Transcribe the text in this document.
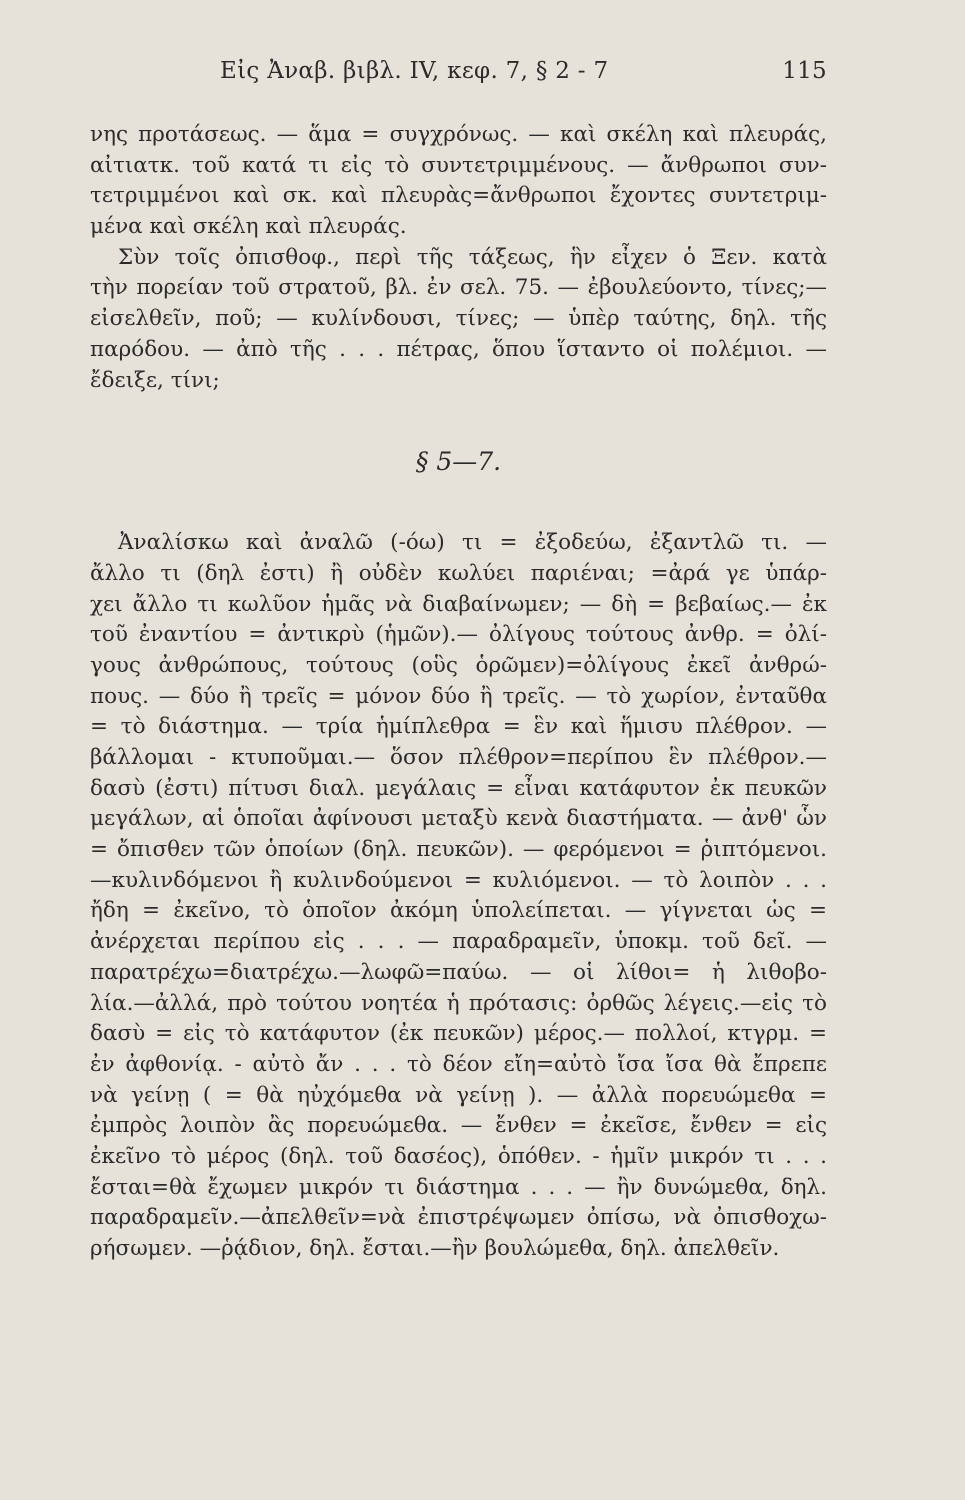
Εἰς Ἀναβ. βιβλ. IV, κεφ. 7, § 2 - 7	115
νης προτάσεως. — ἅμα = συγχρόνως. — καὶ σκέλη καὶ πλευράς,
αἰτιατκ. τοῦ κατά τι εἰς τὸ συντετριμμένους. — ἄνθρωποι συν-
τετριμμένοι καὶ σκ. καὶ πλευρὰς=ἄνθρωποι ἔχοντες συντετριμ-
μένα καὶ σκέλη καὶ πλευράς.
Σὺν τοῖς ὀπισθοφ., περὶ τῆς τάξεως, ἣν εἶχεν ὁ Ξεν. κατὰ
τὴν πορείαν τοῦ στρατοῦ, βλ. ἐν σελ. 75. — ἐβουλεύοντο, τίνες;—
εἰσελθεῖν, ποῦ; — κυλίνδουσι, τίνες; — ὑπὲρ ταύτης, δηλ. τῆς
παρόδου. — ἀπὸ τῆς . . . πέτρας, ὅπου ἵσταντο οἱ πολέμιοι. —
ἔδειξε, τίνι;
§ 5—7.
Ἀναλίσκω καὶ ἀναλῶ (-όω) τι = ἐξοδεύω, ἐξαντλῶ τι. —
ἄλλο τι (δηλ ἐστι) ἢ οὐδὲν κωλύει παριέναι; =ἀρά γε ὑπάρ-
χει ἄλλο τι κωλῦον ἡμᾶς νὰ διαβαίνωμεν; — δὴ = βεβαίως.— ἐκ
τοῦ ἐναντίου = ἀντικρὺ (ἡμῶν).— ὀλίγους τούτους ἀνθρ. = ὀλί-
γους ἀνθρώπους, τούτους (οὓς ὁρῶμεν)=ὀλίγους ἐκεῖ ἀνθρώ-
πους. — δύο ἢ τρεῖς = μόνον δύο ἢ τρεῖς. — τὸ χωρίον, ἐνταῦθα
= τὸ διάστημα. — τρία ἡμίπλεθρα = ἓν καὶ ἥμισυ πλέθρον. —
βάλλομαι - κτυποῦμαι.— ὅσον πλέθρον=περίπου ἓν πλέθρον.—
δασὺ (ἐστι) πίτυσι διαλ. μεγάλαις = εἶναι κατάφυτον ἐκ πευκῶν
μεγάλων, αἱ ὁποῖαι ἀφίνουσι μεταξὺ κενὰ διαστήματα. — ἀνθ' ὧν
= ὄπισθεν τῶν ὁποίων (δηλ. πευκῶν). — φερόμενοι = ῥιπτόμενοι.
—κυλινδόμενοι ἢ κυλινδούμενοι = κυλιόμενοι. — τὸ λοιπὸν . . .
ἤδη = ἐκεῖνο, τὸ ὁποῖον ἀκόμη ὑπολείπεται. — γίγνεται ὡς =
ἀνέρχεται περίπου εἰς . . . — παραδραμεῖν, ὑποκμ. τοῦ δεῖ. —
παρατρέχω=διατρέχω.—λωφῶ=παύω. — οἱ λίθοι= ἡ λιθοβο-
λία.—ἀλλά, πρὸ τούτου νοητέα ἡ πρότασις: ὀρθῶς λέγεις.—εἰς τὸ
δασὺ = εἰς τὸ κατάφυτον (ἐκ πευκῶν) μέρος.— πολλοί, κτγρμ. =
ἐν ἀφθονίᾳ. - αὐτὸ ἄν . . . τὸ δέον εἴη=αὐτὸ ἴσα ἴσα θὰ ἔπρεπε
νὰ γείνῃ ( = θὰ ηὐχόμεθα νὰ γείνῃ ). — ἀλλὰ πορευώμεθα =
ἐμπρὸς λοιπὸν ἂς πορευώμεθα. — ἔνθεν = ἐκεῖσε, ἔνθεν = εἰς
ἐκεῖνο τὸ μέρος (δηλ. τοῦ δασέος), ὁπόθεν. - ἡμῖν μικρόν τι . . .
ἔσται=θὰ ἔχωμεν μικρόν τι διάστημα . . . — ἢν δυνώμεθα, δηλ.
παραδραμεῖν.—ἀπελθεῖν=νὰ ἐπιστρέψωμεν ὀπίσω, νὰ ὀπισθοχω-
ρήσωμεν. —ῥᾴδιον, δηλ. ἔσται.—ἢν βουλώμεθα, δηλ. ἀπελθεῖν.
